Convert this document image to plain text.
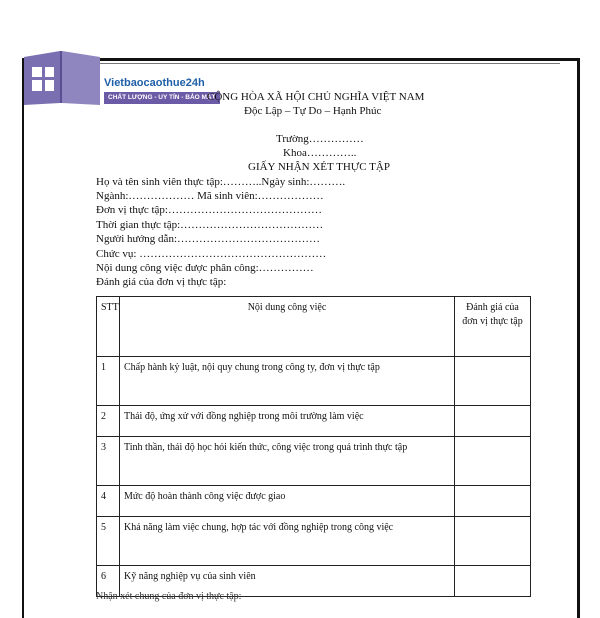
Vietbaocaothue24h
CHẤT LƯỢNG - UY TÍN - BẢO MẬT
CỘNG HÒA XÃ HỘI CHỦ NGHĨA VIỆT NAM
Độc Lập – Tự Do – Hạnh Phúc
Trường……………
Khoa…………..
GIẤY NHẬN XÉT THỰC TẬP
Họ và tên sinh viên thực tập:………..Ngày sinh:……….
Ngành:……………… Mã sinh viên:………………
Đơn vị thực tập:……………………………………
Thời gian thực tập:…………………………………
Người hướng dẫn:…………………………………
Chức vụ: ……………………………………………
Nội dung công việc được phân công:……………
Đánh giá của đơn vị thực tập:
STT	Nội dung công việc	Đánh giá của đơn vị thực tập
1	Chấp hành kỷ luật, nội quy chung trong công ty, đơn vị thực tập	
2	Thái độ, ứng xử với đồng nghiệp trong môi trường làm việc	
3	Tinh thần, thái độ học hỏi kiến thức, công việc trong quá trình thực tập	
4	Mức độ hoàn thành công việc được giao	
5	Khả năng làm việc chung, hợp tác với đồng nghiệp trong công việc	
6	Kỹ năng nghiệp vụ của sinh viên	
Nhận xét chung của đơn vị thực tập:
